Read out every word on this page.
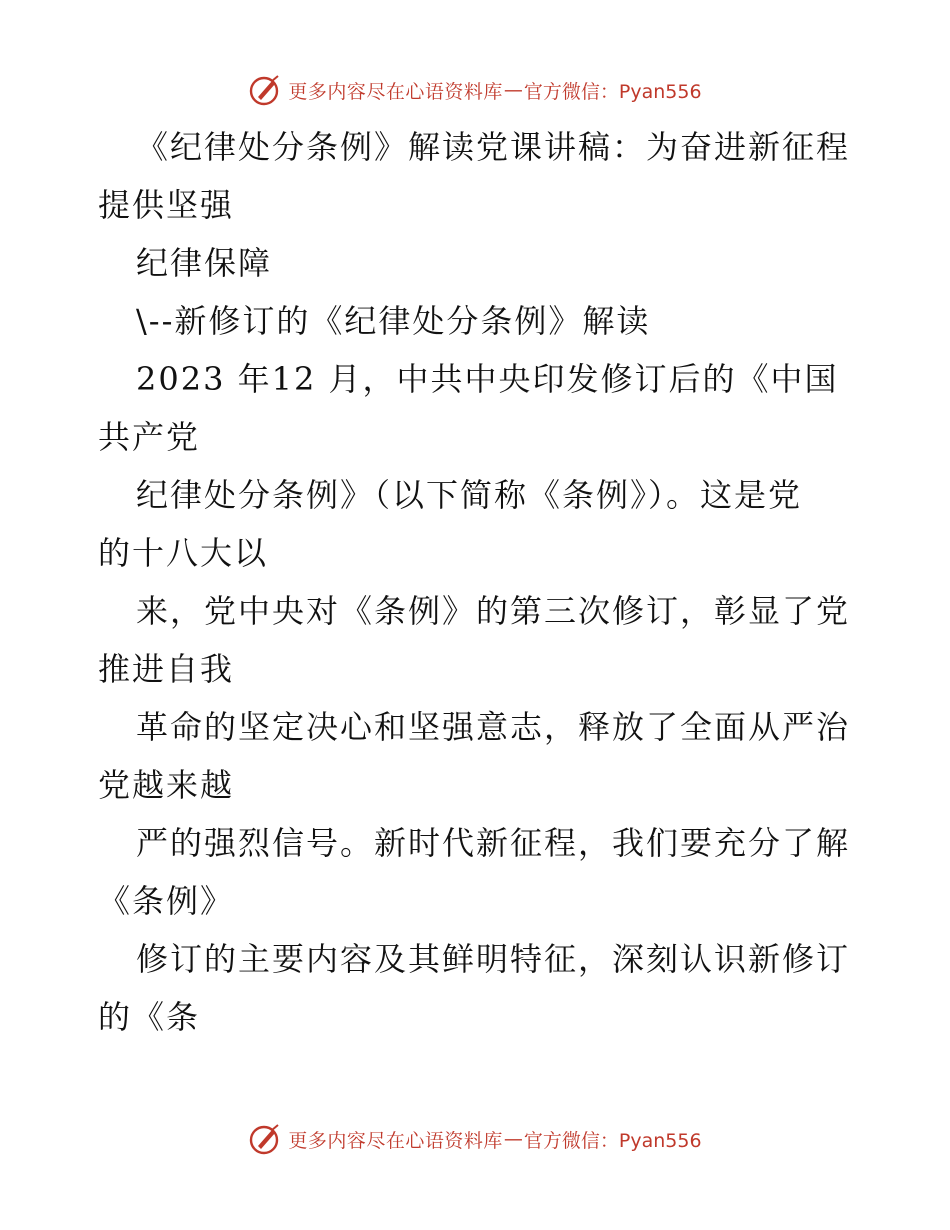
更多内容尽在心语资料库 — 官方微信：Pyan556
《纪律处分条例》解读党课讲稿：为奋进新征程
提供坚强
纪律保障
\--新修订的《纪律处分条例》解读
2023 年12 月，中共中央印发修订后的《中国
共产党
纪律处分条例》（以下简称《条例》）。这是党
的十八大以
来，党中央对《条例》的第三次修订，彰显了党
推进自我
革命的坚定决心和坚强意志，释放了全面从严治
党越来越
严的强烈信号。新时代新征程，我们要充分了解
《条例》
修订的主要内容及其鲜明特征，深刻认识新修订
的《条
更多内容尽在心语资料库 — 官方微信：Pyan556
